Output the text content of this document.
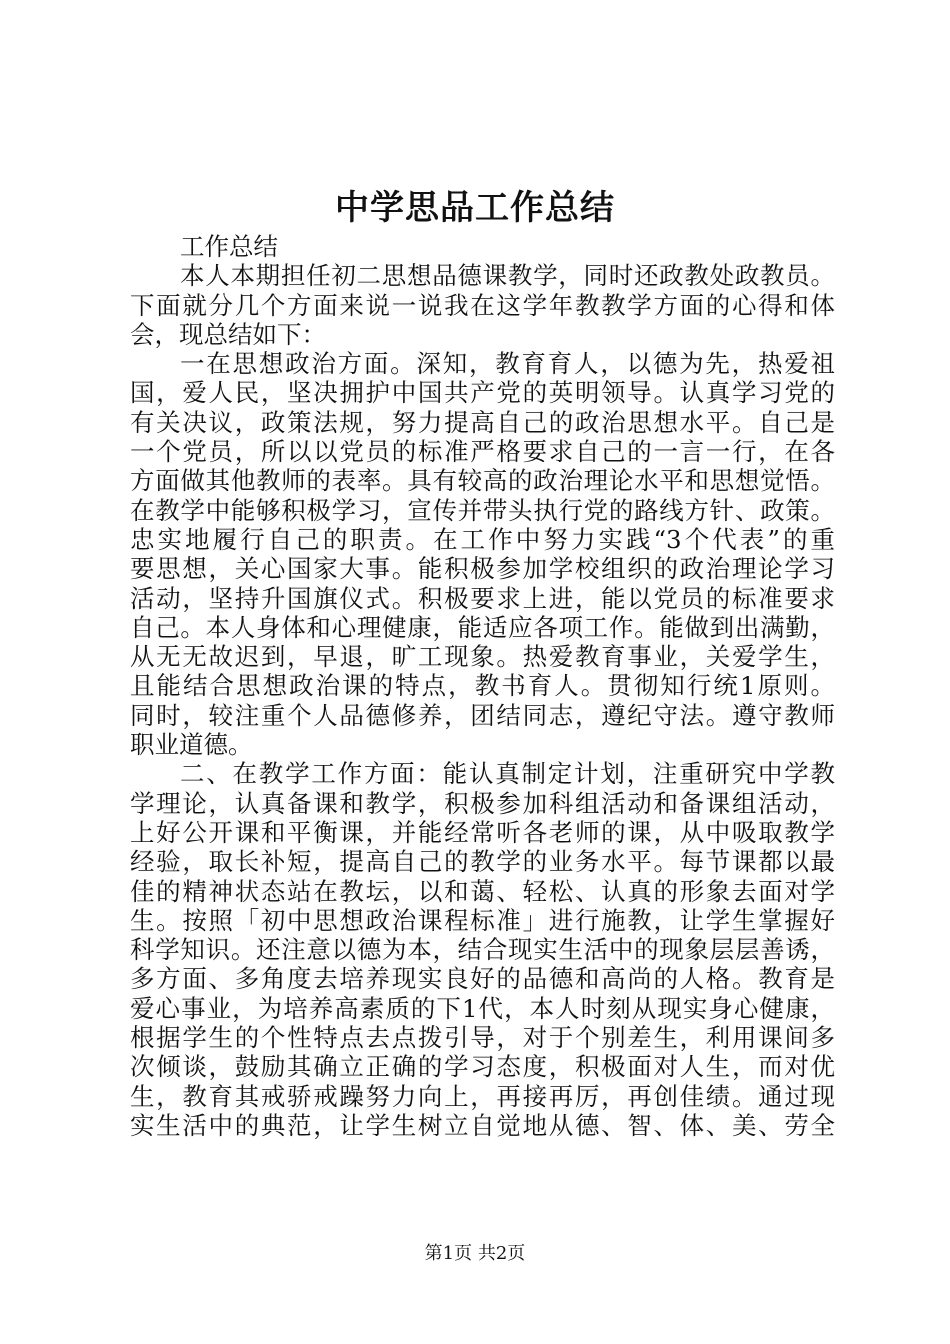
中学思品工作总结
工作总结
本人本期担任初二思想品德课教学，同时还政教处政教员。
下面就分几个方面来说一说我在这学年教教学方面的心得和体
会，现总结如下：
一在思想政治方面。深知，教育育人，以德为先，热爱祖
国，爱人民，坚决拥护中国共产党的英明领导。认真学习党的
有关决议，政策法规，努力提高自己的政治思想水平。自己是
一个党员，所以以党员的标准严格要求自己的一言一行，在各
方面做其他教师的表率。具有较高的政治理论水平和思想觉悟。
在教学中能够积极学习，宣传并带头执行党的路线方针、政策。
忠实地履行自己的职责。在工作中努力实践“3个代表”的重
要思想，关心国家大事。能积极参加学校组织的政治理论学习
活动，坚持升国旗仪式。积极要求上进，能以党员的标准要求
自己。本人身体和心理健康，能适应各项工作。能做到出满勤，
从无无故迟到，早退，旷工现象。热爱教育事业，关爱学生，
且能结合思想政治课的特点，教书育人。贯彻知行统1原则。
同时，较注重个人品德修养，团结同志，遵纪守法。遵守教师
职业道德。
二、在教学工作方面：能认真制定计划，注重研究中学教
学理论，认真备课和教学，积极参加科组活动和备课组活动，
上好公开课和平衡课，并能经常听各老师的课，从中吸取教学
经验，取长补短，提高自己的教学的业务水平。每节课都以最
佳的精神状态站在教坛，以和蔼、轻松、认真的形象去面对学
生。按照「初中思想政治课程标准」进行施教，让学生掌握好
科学知识。还注意以德为本，结合现实生活中的现象层层善诱，
多方面、多角度去培养现实良好的品德和高尚的人格。教育是
爱心事业，为培养高素质的下1代，本人时刻从现实身心健康，
根据学生的个性特点去点拨引导，对于个别差生，利用课间多
次倾谈，鼓励其确立正确的学习态度，积极面对人生，而对优
生，教育其戒骄戒躁努力向上，再接再厉，再创佳绩。通过现
实生活中的典范，让学生树立自觉地从德、智、体、美、劳全
第1页 共2页
